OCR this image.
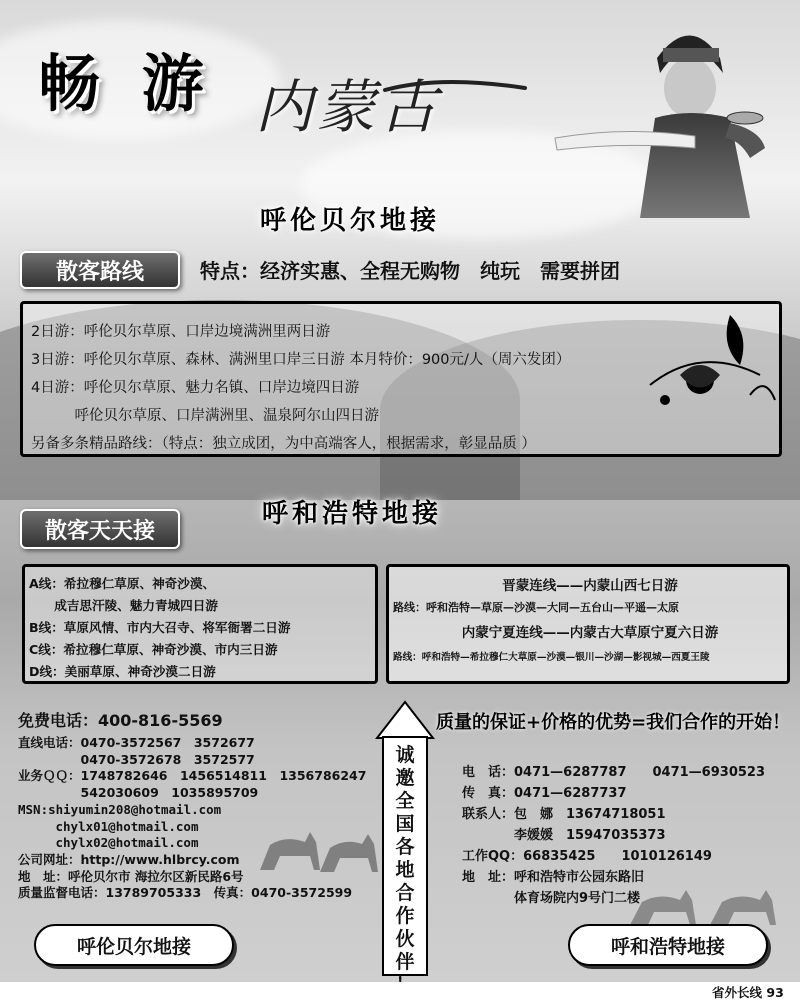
畅 游 内蒙古
呼伦贝尔地接
散客路线	特点：经济实惠、全程无购物　纯玩　需要拼团
2日游：呼伦贝尔草原、口岸边境满洲里两日游
3日游：呼伦贝尔草原、森林、满洲里口岸三日游 本月特价：900元/人（周六发团）
4日游：呼伦贝尔草原、魅力名镇、口岸边境四日游
　　　呼伦贝尔草原、口岸满洲里、温泉阿尔山四日游
另备多条精品路线：（特点：独立成团，为中高端客人，根据需求，彰显品质 ）
呼和浩特地接
散客天天接
A线：希拉穆仁草原、神奇沙漠、
　　成吉思汗陵、魅力青城四日游
B线：草原风情、市内大召寺、将军衙署二日游
C线：希拉穆仁草原、神奇沙漠、市内三日游
D线：美丽草原、神奇沙漠二日游
晋蒙连线——内蒙山西七日游
路线：呼和浩特—草原—沙漠—大同—五台山—平遥—太原
内蒙宁夏连线——内蒙古大草原宁夏六日游
路线：呼和浩特—希拉穆仁大草原—沙漠—银川—沙湖—影视城—西夏王陵
质量的保证+价格的优势=我们合作的开始！
免费电话：400-816-5569
直线电话：0470-3572567　3572677
　　　　　0470-3572678　3572577
业务ＱＱ：1748782646　1456514811　1356786247
　　　　　542030609　1035895709
MSN:shiyumin208@hotmail.com
　　　chylx01@hotmail.com
　　　chylx02@hotmail.com
公司网址：http://www.hlbrcy.com
地　址：呼伦贝尔市 海拉尔区新民路6号
质量监督电话：13789705333　传真：0470-3572599
诚
邀
全
国
各
地
合
作
伙
伴
电　话：0471—6287787　　0471—6930523
传　真：0471—6287737
联系人：包　娜　13674718051
　　　　李媛媛　15947035373
工作QQ：66835425　　1010126149
地　址：呼和浩特市公园东路旧
　　　　体育场院内9号门二楼
呼伦贝尔地接	呼和浩特地接
省外长线 93
